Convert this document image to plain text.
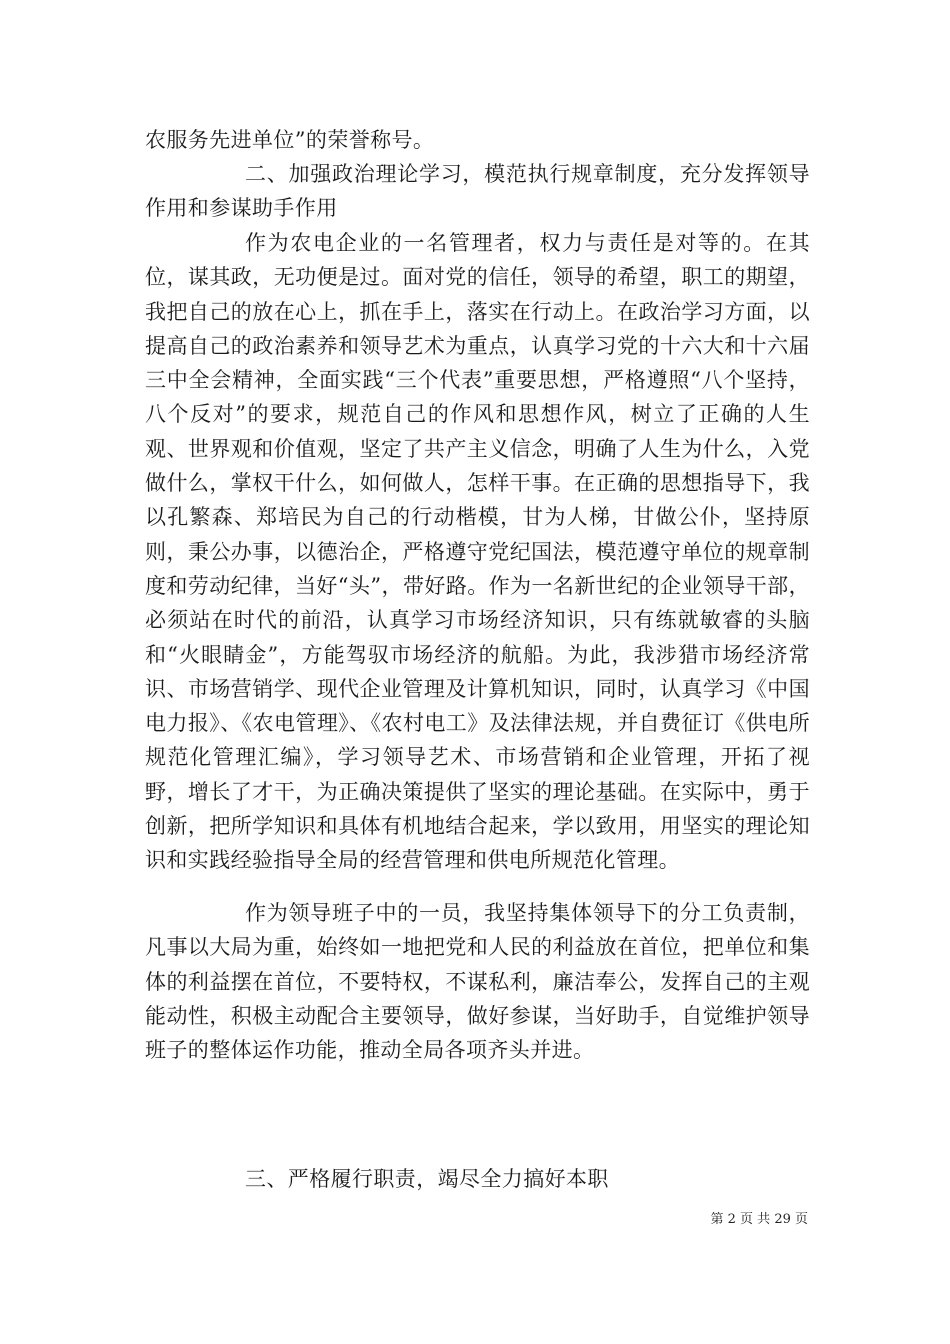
农服务先进单位”的荣誉称号。

二、加强政治理论学习，模范执行规章制度，充分发挥领导作用和参谋助手作用

作为农电企业的一名管理者，权力与责任是对等的。在其位，谋其政，无功便是过。面对党的信任，领导的希望，职工的期望，我把自己的放在心上，抓在手上，落实在行动上。在政治学习方面，以提高自己的政治素养和领导艺术为重点，认真学习党的十六大和十六届三中全会精神，全面实践“三个代表”重要思想，严格遵照“八个坚持，八个反对”的要求，规范自己的作风和思想作风，树立了正确的人生观、世界观和价值观，坚定了共产主义信念，明确了人生为什么，入党做什么，掌权干什么，如何做人，怎样干事。在正确的思想指导下，我以孔繁森、郑培民为自己的行动楷模，甘为人梯，甘做公仆，坚持原则，秉公办事，以德治企，严格遵守党纪国法，模范遵守单位的规章制度和劳动纪律，当好“头”，带好路。作为一名新世纪的企业领导干部，必须站在时代的前沿，认真学习市场经济知识，只有练就敏睿的头脑和“火眼睛金”，方能驾驭市场经济的航船。为此，我涉猎市场经济常识、市场营销学、现代企业管理及计算机知识，同时，认真学习《中国电力报》、《农电管理》、《农村电工》及法律法规，并自费征订《供电所规范化管理汇编》，学习领导艺术、市场营销和企业管理，开拓了视野，增长了才干，为正确决策提供了坚实的理论基础。在实际中，勇于创新，把所学知识和具体有机地结合起来，学以致用，用坚实的理论知识和实践经验指导全局的经营管理和供电所规范化管理。

作为领导班子中的一员，我坚持集体领导下的分工负责制，凡事以大局为重，始终如一地把党和人民的利益放在首位，把单位和集体的利益摆在首位，不要特权，不谋私利，廉洁奉公，发挥自己的主观能动性，积极主动配合主要领导，做好参谋，当好助手，自觉维护领导班子的整体运作功能，推动全局各项齐头并进。

三、严格履行职责，竭尽全力搞好本职

第 2 页 共 29 页
